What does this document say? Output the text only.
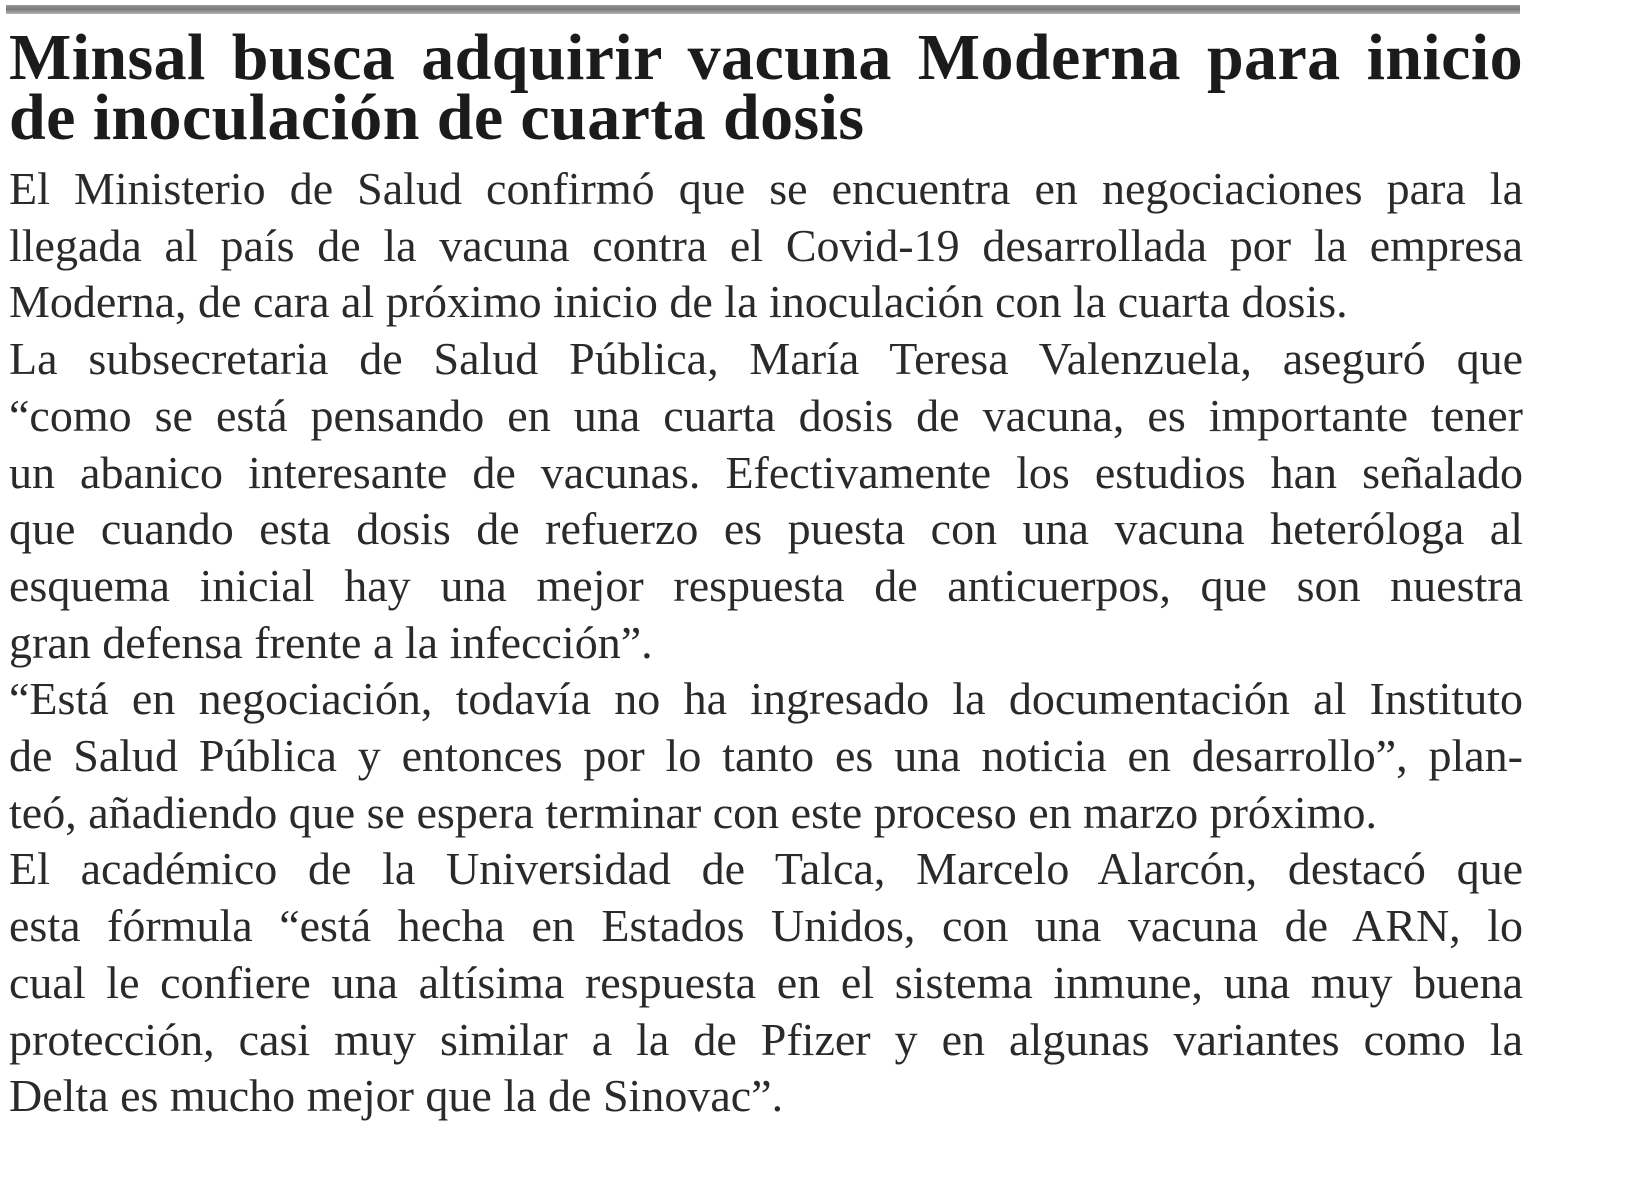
Minsal busca adquirir vacuna Moderna para inicio de inoculación de cuarta dosis

El Ministerio de Salud confirmó que se encuentra en negociaciones para la
llegada al país de la vacuna contra el Covid-19 desarrollada por la empresa
Moderna, de cara al próximo inicio de la inoculación con la cuarta dosis.

La subsecretaria de Salud Pública, María Teresa Valenzuela, aseguró que
“como se está pensando en una cuarta dosis de vacuna, es importante tener
un abanico interesante de vacunas. Efectivamente los estudios han señalado
que cuando esta dosis de refuerzo es puesta con una vacuna heteróloga al
esquema inicial hay una mejor respuesta de anticuerpos, que son nuestra
gran defensa frente a la infección”.

“Está en negociación, todavía no ha ingresado la documentación al Instituto
de Salud Pública y entonces por lo tanto es una noticia en desarrollo”, plan-
teó, añadiendo que se espera terminar con este proceso en marzo próximo.

El académico de la Universidad de Talca, Marcelo Alarcón, destacó que
esta fórmula “está hecha en Estados Unidos, con una vacuna de ARN, lo
cual le confiere una altísima respuesta en el sistema inmune, una muy buena
protección, casi muy similar a la de Pfizer y en algunas variantes como la
Delta es mucho mejor que la de Sinovac”.
